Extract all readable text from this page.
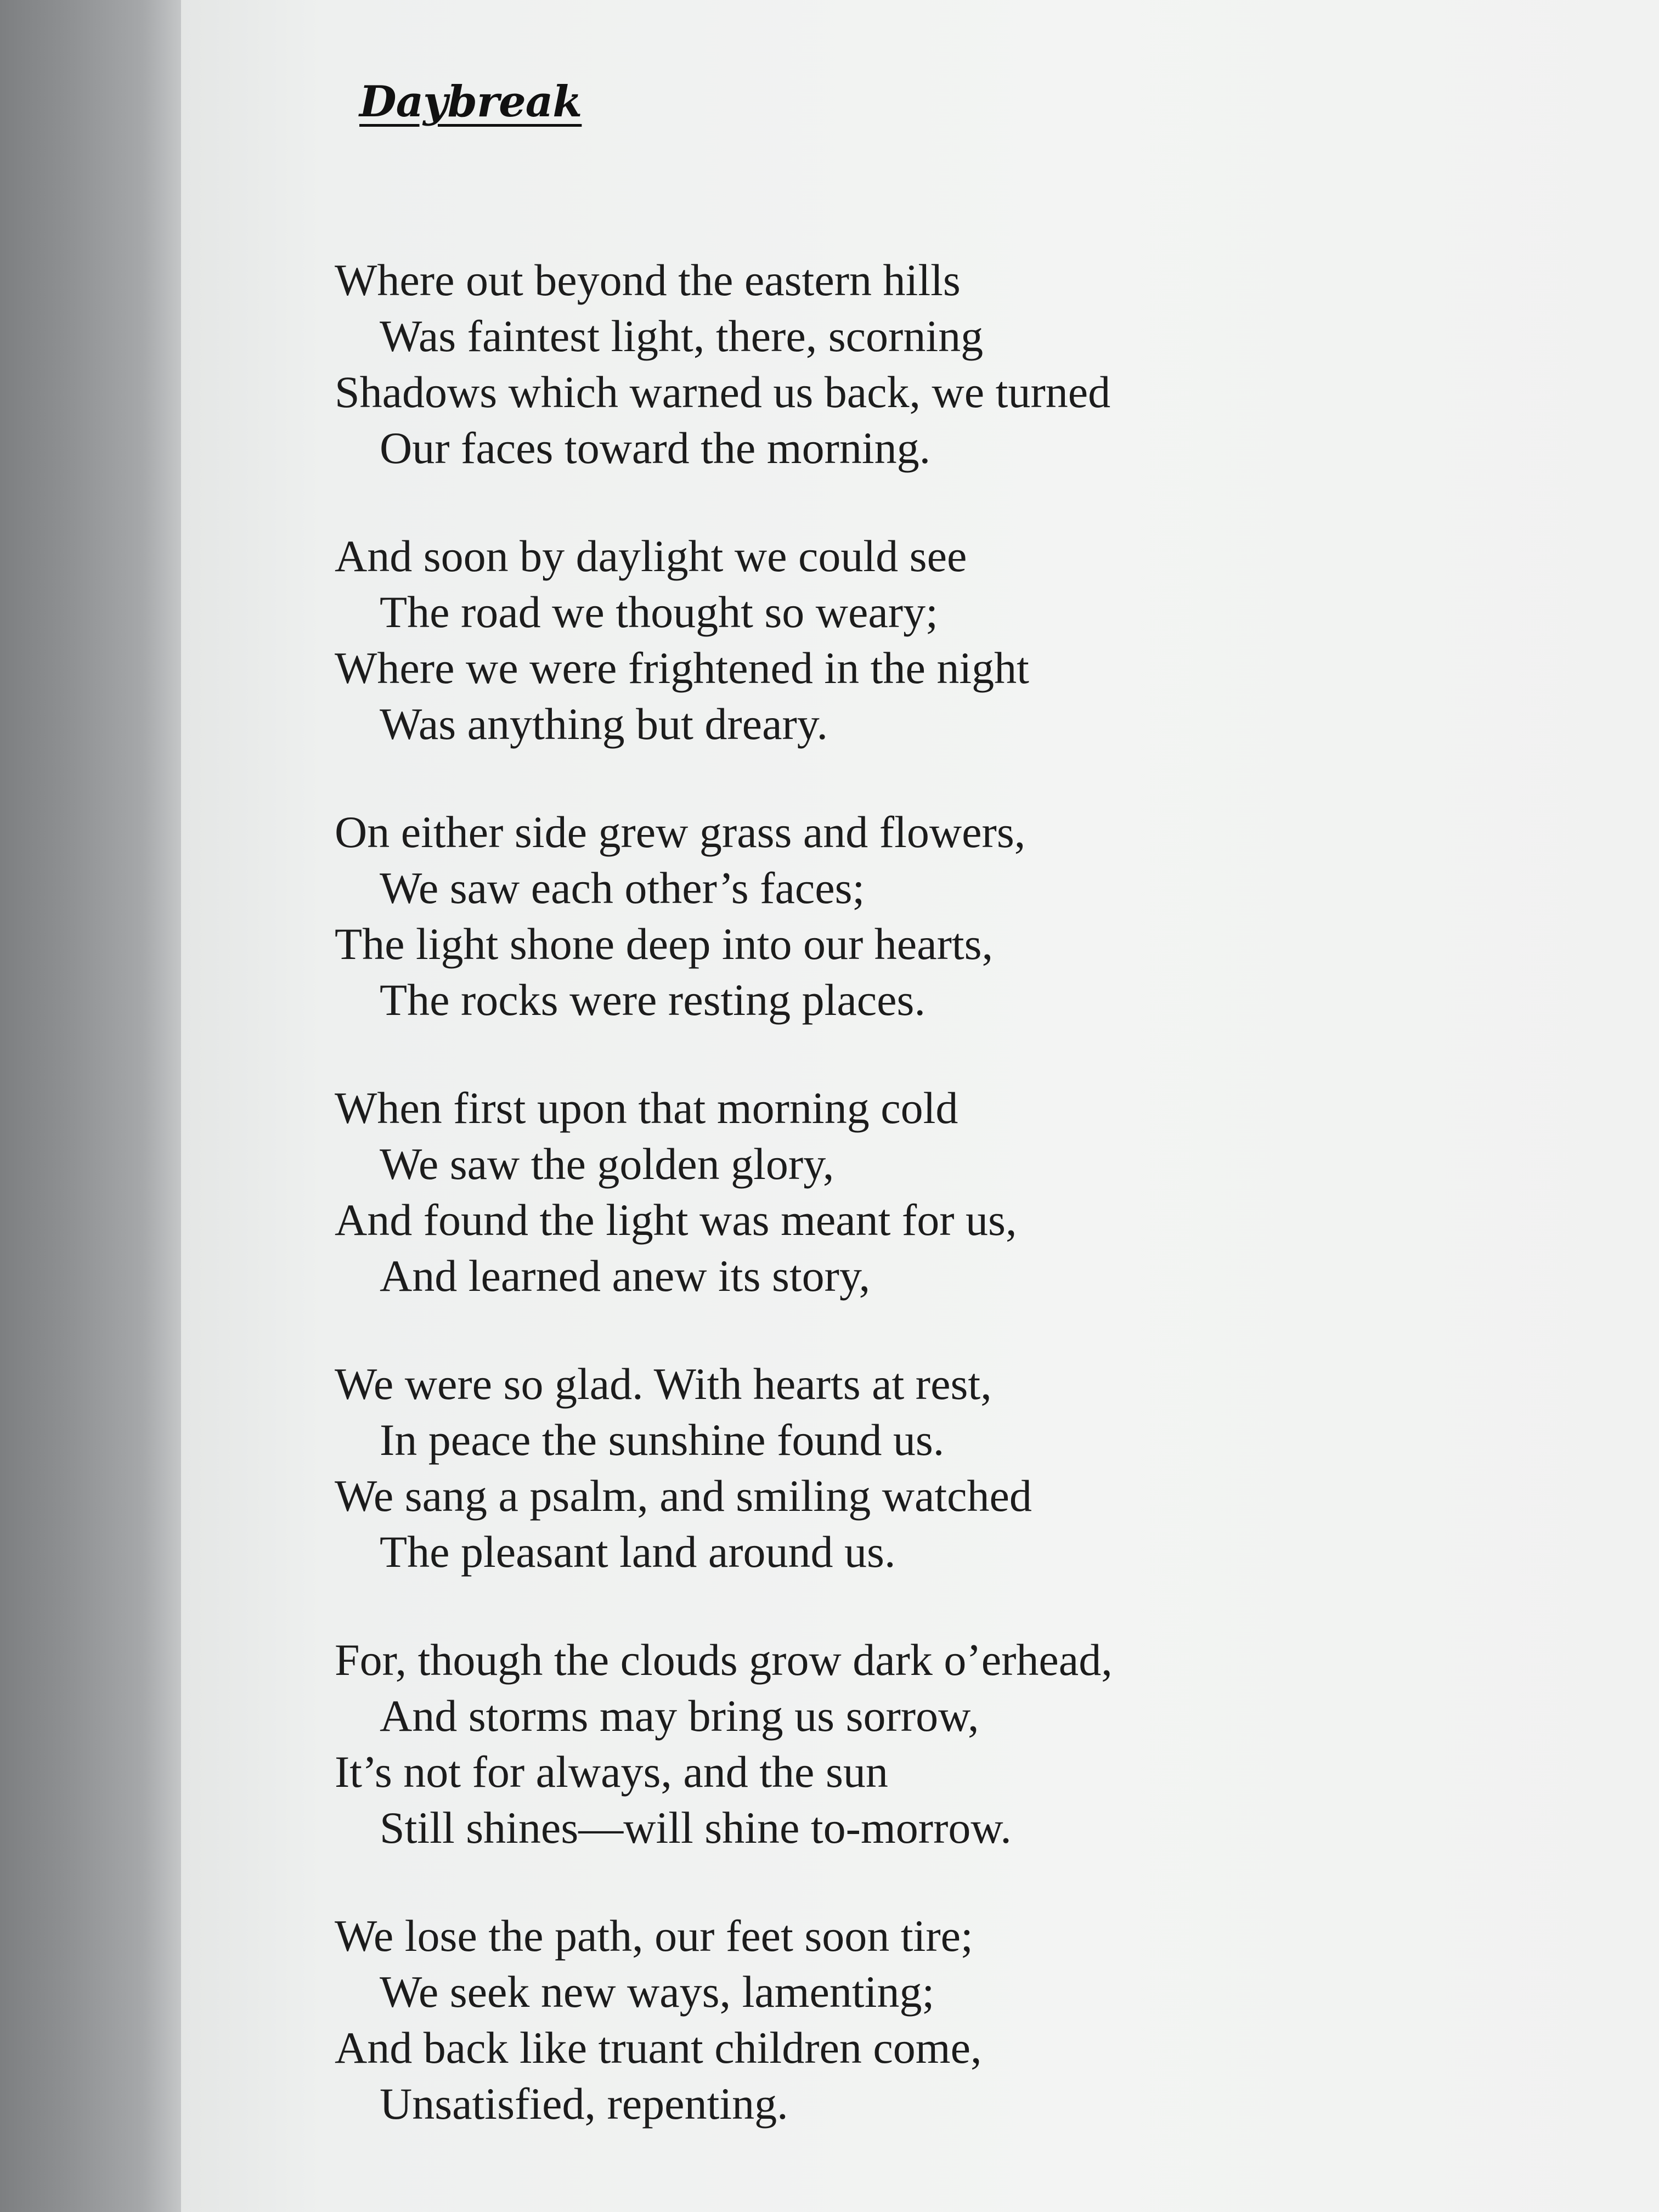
Daybreak
Where out beyond the eastern hills
Was faintest light, there, scorning
Shadows which warned us back, we turned
Our faces toward the morning.
And soon by daylight we could see
The road we thought so weary;
Where we were frightened in the night
Was anything but dreary.
On either side grew grass and flowers,
We saw each other’s faces;
The light shone deep into our hearts,
The rocks were resting places.
When first upon that morning cold
We saw the golden glory,
And found the light was meant for us,
And learned anew its story,
We were so glad. With hearts at rest,
In peace the sunshine found us.
We sang a psalm, and smiling watched
The pleasant land around us.
For, though the clouds grow dark o’erhead,
And storms may bring us sorrow,
It’s not for always, and the sun
Still shines—will shine to-morrow.
We lose the path, our feet soon tire;
We seek new ways, lamenting;
And back like truant children come,
Unsatisfied, repenting.
